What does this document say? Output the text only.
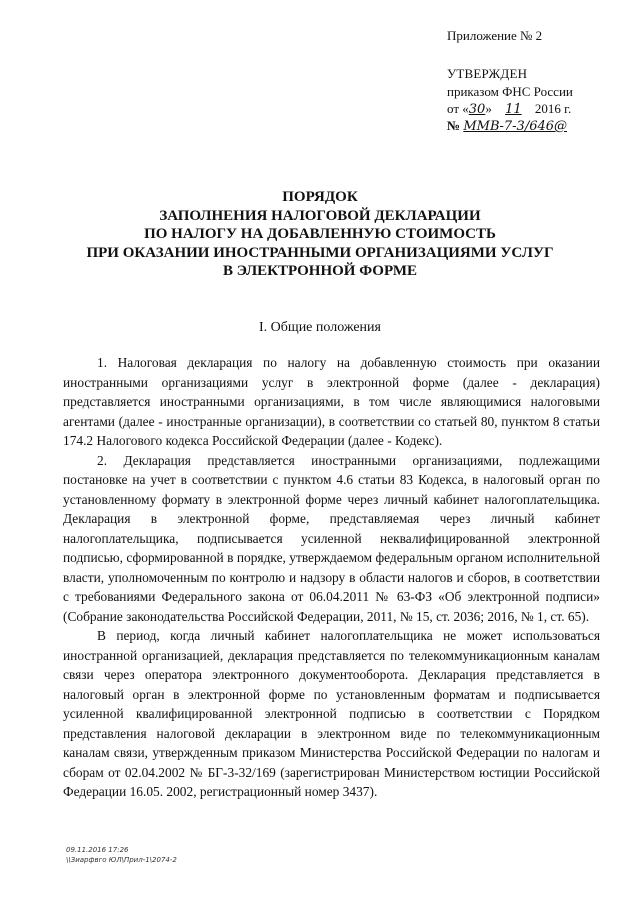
Приложение № 2
УТВЕРЖДЕН
приказом ФНС России
от «30» 11 2016 г.
№ ММВ-7-3/646@
ПОРЯДОК
ЗАПОЛНЕНИЯ НАЛОГОВОЙ ДЕКЛАРАЦИИ
ПО НАЛОГУ НА ДОБАВЛЕННУЮ СТОИМОСТЬ
ПРИ ОКАЗАНИИ ИНОСТРАННЫМИ ОРГАНИЗАЦИЯМИ УСЛУГ
В ЭЛЕКТРОННОЙ ФОРМЕ
I. Общие положения

1. Налоговая декларация по налогу на добавленную стоимость при оказании иностранными организациями услуг в электронной форме (далее - декларация) представляется иностранными организациями, в том числе являющимися налоговыми агентами (далее - иностранные организации), в соответствии со статьей 80, пунктом 8 статьи 174.2 Налогового кодекса Российской Федерации (далее - Кодекс).

2. Декларация представляется иностранными организациями, подлежащими постановке на учет в соответствии с пунктом 4.6 статьи 83 Кодекса, в налоговый орган по установленному формату в электронной форме через личный кабинет налогоплательщика. Декларация в электронной форме, представляемая через личный кабинет налогоплательщика, подписывается усиленной неквалифицированной электронной подписью, сформированной в порядке, утверждаемом федеральным органом исполнительной власти, уполномоченным по контролю и надзору в области налогов и сборов, в соответствии с требованиями Федерального закона от 06.04.2011 № 63-ФЗ «Об электронной подписи» (Собрание законодательства Российской Федерации, 2011, № 15, ст. 2036; 2016, № 1, ст. 65).

В период, когда личный кабинет налогоплательщика не может использоваться иностранной организацией, декларация представляется по телекоммуникационным каналам связи через оператора электронного документооборота. Декларация представляется в налоговый орган в электронной форме по установленным форматам и подписывается усиленной квалифицированной электронной подписью в соответствии с Порядком представления налоговой декларации в электронном виде по телекоммуникационным каналам связи, утвержденным приказом Министерства Российской Федерации по налогам и сборам от 02.04.2002 № БГ-3-32/169 (зарегистрирован Министерством юстиции Российской Федерации 16.05. 2002, регистрационный номер 3437).

09.11.2016 17:26
\\Зиарфвго ЮЛ\Прил-1\2074-2
